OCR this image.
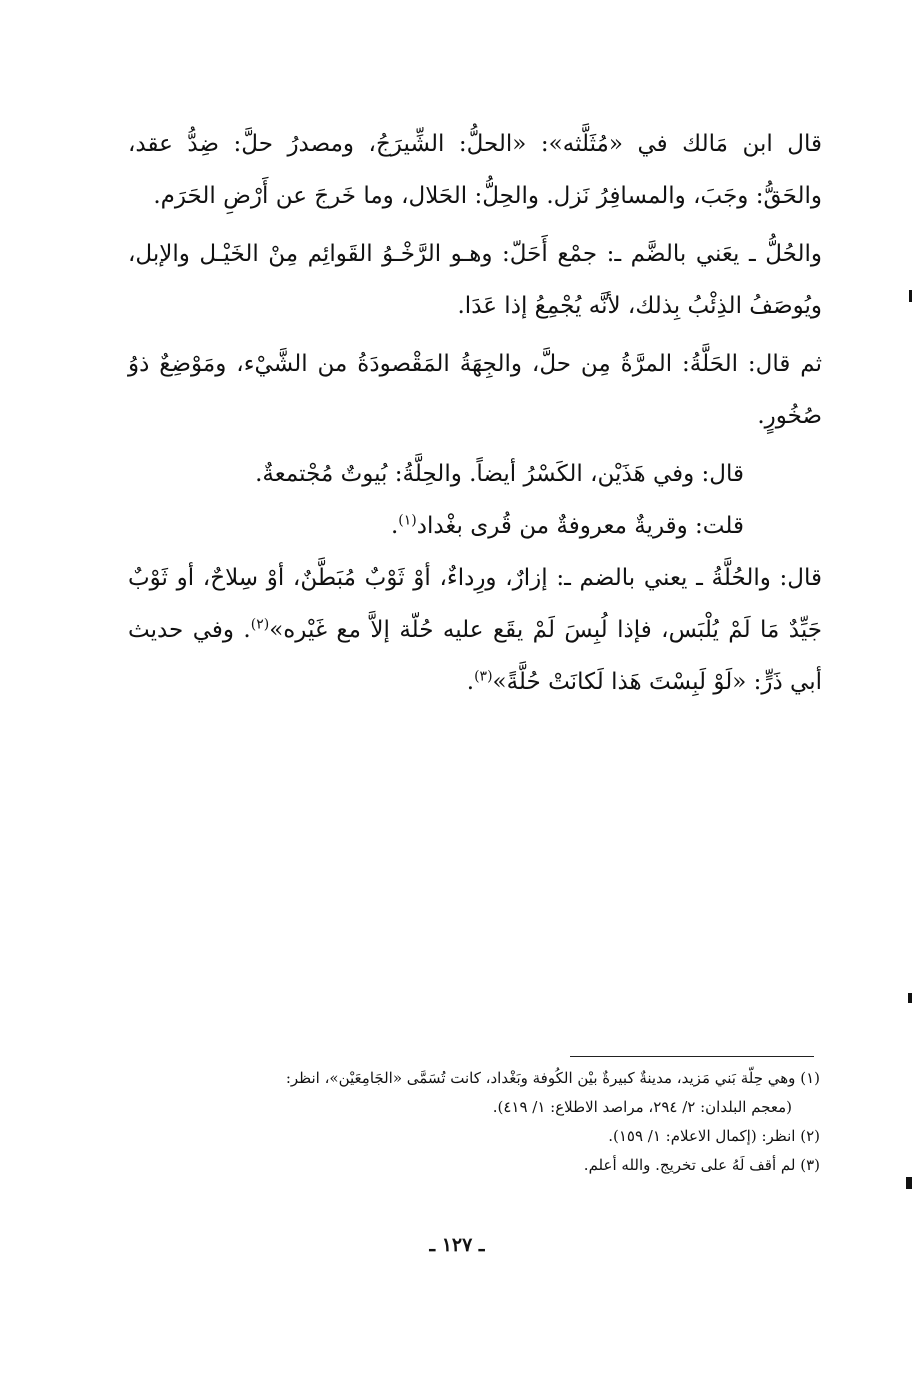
قال ابن مَالك في «مُثَلَّثه»: «الحلُّ: الشِّيرَجُ، ومصدرُ حلَّ: ضِدُّ عقد، والحَقُّ: وجَبَ، والمسافِرُ نَزل. والحِلُّ: الحَلال، وما خَرجَ عن أَرْضِ الحَرَم.

والحُلُّ ـ يعَني بالضَّم ـ: جمْع أَحَلّ: وهـو الرَّخْـوُ القَوائِم مِنْ الخَيْـل والإبل، ويُوصَفُ الذِئْبُ بِذلك، لأنَّه يُجْمِعُ إذا عَدَا.

ثم قال: الحَلَّةُ: المرَّةُ مِن حلَّ، والجِهَةُ المَقْصودَةُ من الشَّيْء، ومَوْضِعٌ ذوُ صُخُورٍ.

قال: وفي هَذَيْن، الكَسْرُ أيضاً. والحِلَّةُ: بُيوتٌ مُجْتمعةٌ.

قلت: وقريةٌ معروفةٌ من قُرى بغْداد$^{(١)}$.

قال: والحُلَّةُ ـ يعني بالضم ـ: إزارٌ، ورِداءٌ، أوْ ثَوْبٌ مُبَطَّنٌ، أوْ سِلاحٌ، أو ثَوْبٌ جَيِّدٌ مَا لَمْ يُلْبَس، فإذا لُبِسَ لَمْ يقَع عليه حُلّة إلاَّ مع غَيْره»$^{(٢)}$. وفي حديث أبي ذَرٍّ: «لَوْ لَبِسْتَ هَذا لَكانَتْ حُلَّةً»$^{(٣)}$.

(١) وهي حِلّة بَني مَزيد، مدينةٌ كبيرةٌ بيْن الكُوفة وبَغْداد، كانت تُسَمَّى «الجَامِعَيْن»، انظر:

(معجم البلدان: ٢/ ٢٩٤، مراصد الاطلاع: ١/ ٤١٩).

(٢) انظر: (إكمال الاعلام: ١/ ١٥٩).

(٣) لم أقف لَهُ على تخريج. والله أعلم.

ـ ١٢٧ ـ
